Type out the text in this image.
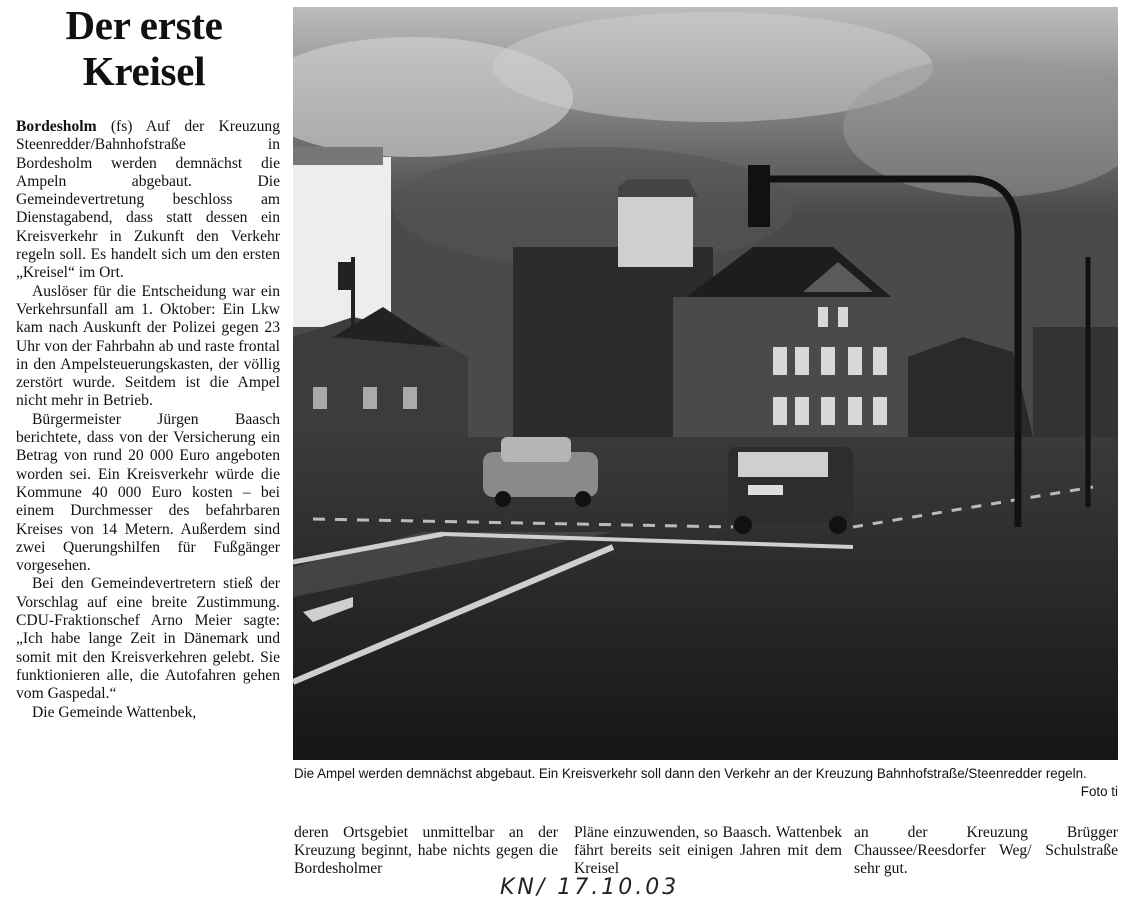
Der erste
Kreisel

Bordesholm (fs) Auf der Kreuzung Steenredder/Bahnhofstraße in Bordesholm werden demnächst die Ampeln abgebaut. Die Gemeindevertretung beschloss am Dienstagabend, dass statt dessen ein Kreisverkehr in Zukunft den Verkehr regeln soll. Es handelt sich um den ersten „Kreisel“ im Ort.

Auslöser für die Entscheidung war ein Verkehrsunfall am 1. Oktober: Ein Lkw kam nach Auskunft der Polizei gegen 23 Uhr von der Fahrbahn ab und raste frontal in den Ampelsteuerungskasten, der völlig zerstört wurde. Seitdem ist die Ampel nicht mehr in Betrieb.

Bürgermeister Jürgen Baasch berichtete, dass von der Versicherung ein Betrag von rund 20 000 Euro angeboten worden sei. Ein Kreisverkehr würde die Kommune 40 000 Euro kosten – bei einem Durchmesser des befahrbaren Kreises von 14 Metern. Außerdem sind zwei Querungshilfen für Fußgänger vorgesehen.

Bei den Gemeindevertretern stieß der Vorschlag auf eine breite Zustimmung. CDU-Fraktionschef Arno Meier sagte: „Ich habe lange Zeit in Dänemark und somit mit den Kreisverkehren gelebt. Sie funktionieren alle, die Autofahren gehen vom Gaspedal.“

Die Gemeinde Wattenbek,

Die Ampel werden demnächst abgebaut. Ein Kreisverkehr soll dann den Verkehr an der Kreuzung Bahnhofstraße/Steenredder regeln.
Foto ti
deren Ortsgebiet unmittelbar an der Kreuzung beginnt, habe nichts gegen die Bordesholmer
Pläne einzuwenden, so Baasch. Wattenbek fährt bereits seit einigen Jahren mit dem Kreisel
an der Kreuzung Brügger Chaussee/Reesdorfer Weg/ Schulstraße sehr gut.
KN/ 17.10.03
